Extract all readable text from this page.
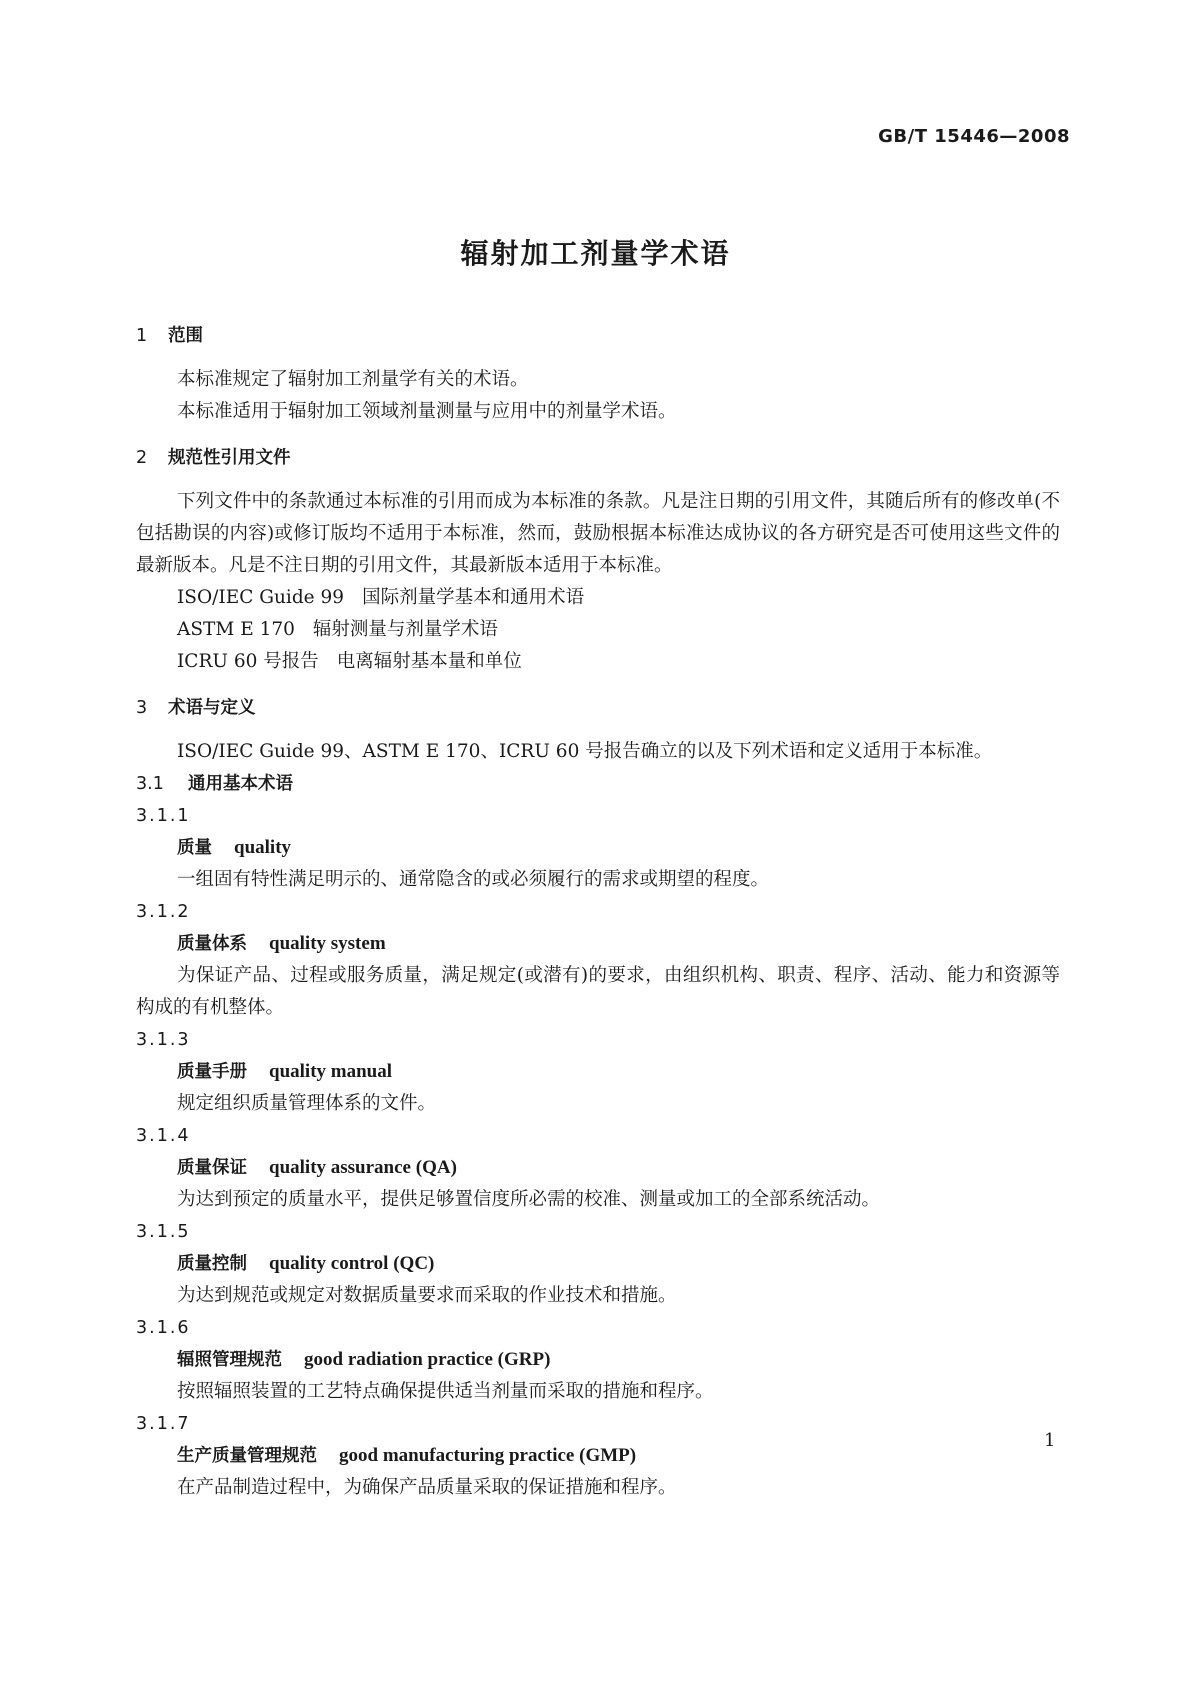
GB/T 15446—2008
辐射加工剂量学术语
1 范围

本标准规定了辐射加工剂量学有关的术语。

本标准适用于辐射加工领域剂量测量与应用中的剂量学术语。

2 规范性引用文件

下列文件中的条款通过本标准的引用而成为本标准的条款。凡是注日期的引用文件，其随后所有的修改单(不包括勘误的内容)或修订版均不适用于本标准，然而，鼓励根据本标准达成协议的各方研究是否可使用这些文件的最新版本。凡是不注日期的引用文件，其最新版本适用于本标准。

ISO/IEC Guide 99 国际剂量学基本和通用术语
ASTM E 170 辐射测量与剂量学术语
ICRU 60 号报告 电离辐射基本量和单位
3 术语与定义

ISO/IEC Guide 99、ASTM E 170、ICRU 60 号报告确立的以及下列术语和定义适用于本标准。

3.1 通用基本术语
3.1.1
质量 quality

一组固有特性满足明示的、通常隐含的或必须履行的需求或期望的程度。

3.1.2
质量体系 quality system

为保证产品、过程或服务质量，满足规定(或潜有)的要求，由组织机构、职责、程序、活动、能力和资源等构成的有机整体。

3.1.3
质量手册 quality manual

规定组织质量管理体系的文件。

3.1.4
质量保证 quality assurance (QA)

为达到预定的质量水平，提供足够置信度所必需的校准、测量或加工的全部系统活动。

3.1.5
质量控制 quality control (QC)

为达到规范或规定对数据质量要求而采取的作业技术和措施。

3.1.6
辐照管理规范 good radiation practice (GRP)

按照辐照装置的工艺特点确保提供适当剂量而采取的措施和程序。

3.1.7
生产质量管理规范 good manufacturing practice (GMP)

在产品制造过程中，为确保产品质量采取的保证措施和程序。

1
